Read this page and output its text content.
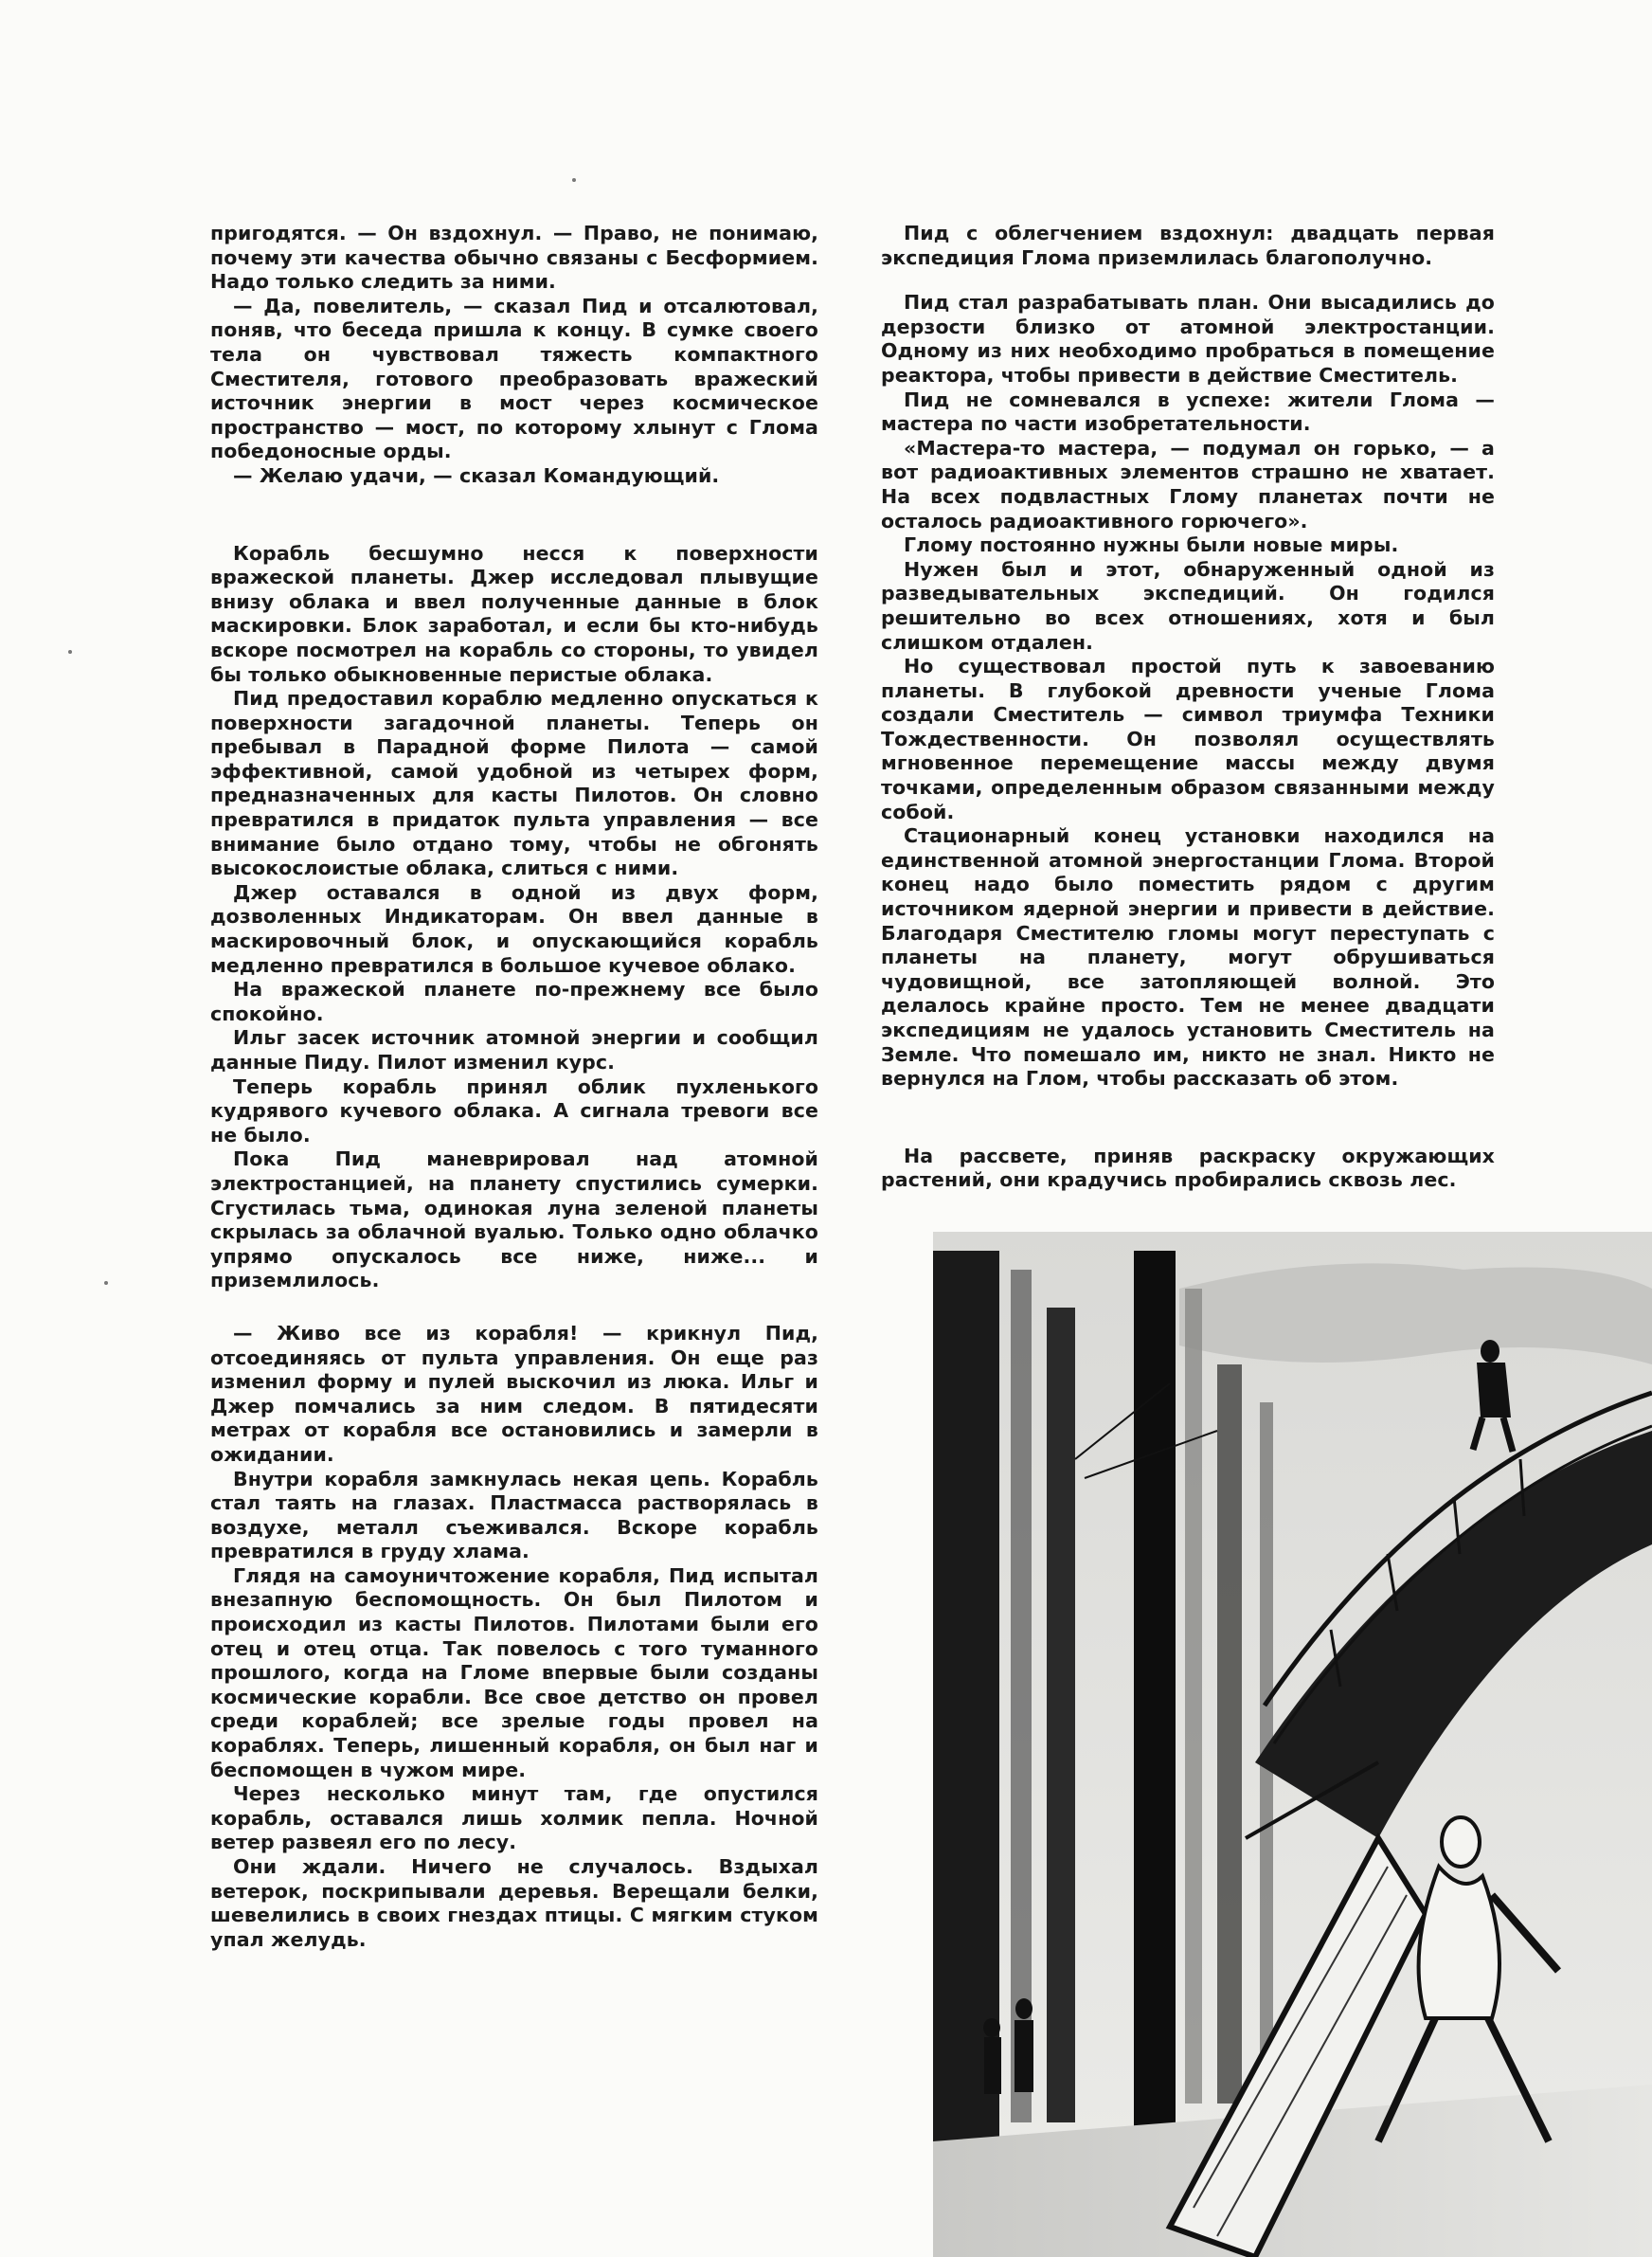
пригодятся. — Он вздохнул. — Право, не понимаю, почему эти качества обычно связаны с Бесформием. Надо только следить за ними.

— Да, повелитель, — сказал Пид и отсалютовал, поняв, что беседа пришла к концу. В сумке своего тела он чувствовал тяжесть компактного Сместителя, готового преобразовать вражеский источник энергии в мост через космическое пространство — мост, по которому хлынут с Глома победоносные орды.

— Желаю удачи, — сказал Командующий.

Корабль бесшумно несся к поверхности вражеской планеты. Джер исследовал плывущие внизу облака и ввел полученные данные в блок маскировки. Блок заработал, и если бы кто-нибудь вскоре посмотрел на корабль со стороны, то увидел бы только обыкновенные перистые облака.

Пид предоставил кораблю медленно опускаться к поверхности загадочной планеты. Теперь он пребывал в Парадной форме Пилота — самой эффективной, самой удобной из четырех форм, предназначенных для касты Пилотов. Он словно превратился в придаток пульта управления — все внимание было отдано тому, чтобы не обгонять высокослоистые облака, слиться с ними.

Джер оставался в одной из двух форм, дозволенных Индикаторам. Он ввел данные в маскировочный блок, и опускающийся корабль медленно превратился в большое кучевое облако.

На вражеской планете по-прежнему все было спокойно.

Ильг засек источник атомной энергии и сообщил данные Пиду. Пилот изменил курс.

Теперь корабль принял облик пухленького кудрявого кучевого облака. А сигнала тревоги все не было.

Пока Пид маневрировал над атомной электростанцией, на планету спустились сумерки. Сгустилась тьма, одинокая луна зеленой планеты скрылась за облачной вуалью. Только одно облачко упрямо опускалось все ниже, ниже... и приземлилось.

— Живо все из корабля! — крикнул Пид, отсоединяясь от пульта управления. Он еще раз изменил форму и пулей выскочил из люка. Ильг и Джер помчались за ним следом. В пятидесяти метрах от корабля все остановились и замерли в ожидании.

Внутри корабля замкнулась некая цепь. Корабль стал таять на глазах. Пластмасса растворялась в воздухе, металл съеживался. Вскоре корабль превратился в груду хлама.

Глядя на самоуничтожение корабля, Пид испытал внезапную беспомощность. Он был Пилотом и происходил из касты Пилотов. Пилотами были его отец и отец отца. Так повелось с того туманного прошлого, когда на Гломе впервые были созданы космические корабли. Все свое детство он провел среди кораблей; все зрелые годы провел на кораблях. Теперь, лишенный корабля, он был наг и беспомощен в чужом мире.

Через несколько минут там, где опустился корабль, оставался лишь холмик пепла. Ночной ветер развеял его по лесу.

Они ждали. Ничего не случалось. Вздыхал ветерок, поскрипывали деревья. Верещали белки, шевелились в своих гнездах птицы. С мягким стуком упал желудь.

Пид с облегчением вздохнул: двадцать первая экспедиция Глома приземлилась благополучно.

Пид стал разрабатывать план. Они высадились до дерзости близко от атомной электростанции. Одному из них необходимо пробраться в помещение реактора, чтобы привести в действие Сместитель.

Пид не сомневался в успехе: жители Глома — мастера по части изобретательности.

«Мастера-то мастера, — подумал он горько, — а вот радиоактивных элементов страшно не хватает. На всех подвластных Глому планетах почти не осталось радиоактивного горючего».

Глому постоянно нужны были новые миры.

Нужен был и этот, обнаруженный одной из разведывательных экспедиций. Он годился решительно во всех отношениях, хотя и был слишком отдален.

Но существовал простой путь к завоеванию планеты. В глубокой древности ученые Глома создали Сместитель — символ триумфа Техники Тождественности. Он позволял осуществлять мгновенное перемещение массы между двумя точками, определенным образом связанными между собой.

Стационарный конец установки находился на единственной атомной энергостанции Глома. Второй конец надо было поместить рядом с другим источником ядерной энергии и привести в действие. Благодаря Сместителю гломы могут переступать с планеты на планету, могут обрушиваться чудовищной, все затопляющей волной. Это делалось крайне просто. Тем не менее двадцати экспедициям не удалось установить Сместитель на Земле. Что помешало им, никто не знал. Никто не вернулся на Глом, чтобы рассказать об этом.

На рассвете, приняв раскраску окружающих растений, они крадучись пробирались сквозь лес.
